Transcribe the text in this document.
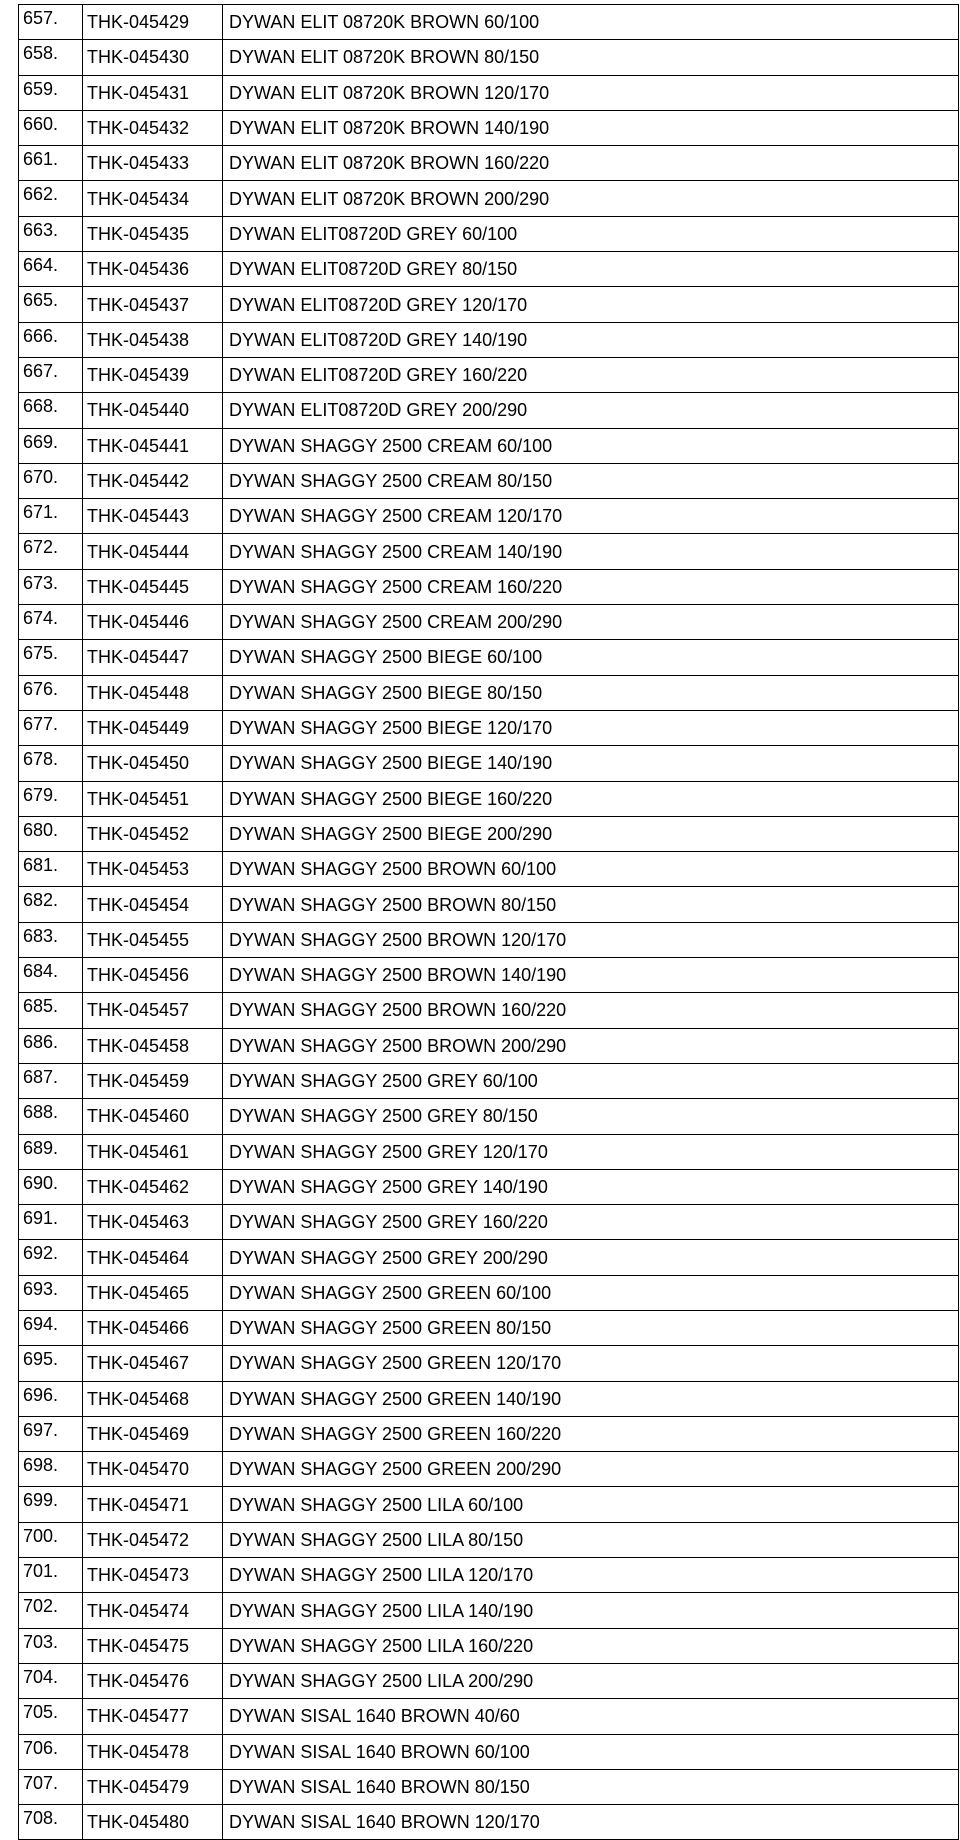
657.	THK-045429	DYWAN ELIT 08720K BROWN 60/100
658.	THK-045430	DYWAN ELIT 08720K BROWN 80/150
659.	THK-045431	DYWAN ELIT 08720K BROWN 120/170
660.	THK-045432	DYWAN ELIT 08720K BROWN 140/190
661.	THK-045433	DYWAN ELIT 08720K BROWN 160/220
662.	THK-045434	DYWAN ELIT 08720K BROWN 200/290
663.	THK-045435	DYWAN ELIT08720D GREY 60/100
664.	THK-045436	DYWAN ELIT08720D GREY 80/150
665.	THK-045437	DYWAN ELIT08720D GREY 120/170
666.	THK-045438	DYWAN ELIT08720D GREY 140/190
667.	THK-045439	DYWAN ELIT08720D GREY 160/220
668.	THK-045440	DYWAN ELIT08720D GREY 200/290
669.	THK-045441	DYWAN SHAGGY 2500 CREAM 60/100
670.	THK-045442	DYWAN SHAGGY 2500 CREAM 80/150
671.	THK-045443	DYWAN SHAGGY 2500 CREAM 120/170
672.	THK-045444	DYWAN SHAGGY 2500 CREAM 140/190
673.	THK-045445	DYWAN SHAGGY 2500 CREAM 160/220
674.	THK-045446	DYWAN SHAGGY 2500 CREAM 200/290
675.	THK-045447	DYWAN SHAGGY 2500 BIEGE 60/100
676.	THK-045448	DYWAN SHAGGY 2500 BIEGE 80/150
677.	THK-045449	DYWAN SHAGGY 2500 BIEGE 120/170
678.	THK-045450	DYWAN SHAGGY 2500 BIEGE 140/190
679.	THK-045451	DYWAN SHAGGY 2500 BIEGE 160/220
680.	THK-045452	DYWAN SHAGGY 2500 BIEGE 200/290
681.	THK-045453	DYWAN SHAGGY 2500 BROWN 60/100
682.	THK-045454	DYWAN SHAGGY 2500 BROWN 80/150
683.	THK-045455	DYWAN SHAGGY 2500 BROWN 120/170
684.	THK-045456	DYWAN SHAGGY 2500 BROWN 140/190
685.	THK-045457	DYWAN SHAGGY 2500 BROWN 160/220
686.	THK-045458	DYWAN SHAGGY 2500 BROWN 200/290
687.	THK-045459	DYWAN SHAGGY 2500 GREY 60/100
688.	THK-045460	DYWAN SHAGGY 2500 GREY 80/150
689.	THK-045461	DYWAN SHAGGY 2500 GREY 120/170
690.	THK-045462	DYWAN SHAGGY 2500 GREY 140/190
691.	THK-045463	DYWAN SHAGGY 2500 GREY 160/220
692.	THK-045464	DYWAN SHAGGY 2500 GREY 200/290
693.	THK-045465	DYWAN SHAGGY 2500 GREEN 60/100
694.	THK-045466	DYWAN SHAGGY 2500 GREEN 80/150
695.	THK-045467	DYWAN SHAGGY 2500 GREEN 120/170
696.	THK-045468	DYWAN SHAGGY 2500 GREEN 140/190
697.	THK-045469	DYWAN SHAGGY 2500 GREEN 160/220
698.	THK-045470	DYWAN SHAGGY 2500 GREEN 200/290
699.	THK-045471	DYWAN SHAGGY 2500 LILA 60/100
700.	THK-045472	DYWAN SHAGGY 2500 LILA 80/150
701.	THK-045473	DYWAN SHAGGY 2500 LILA 120/170
702.	THK-045474	DYWAN SHAGGY 2500 LILA 140/190
703.	THK-045475	DYWAN SHAGGY 2500 LILA 160/220
704.	THK-045476	DYWAN SHAGGY 2500 LILA 200/290
705.	THK-045477	DYWAN SISAL 1640 BROWN 40/60
706.	THK-045478	DYWAN SISAL 1640 BROWN 60/100
707.	THK-045479	DYWAN SISAL 1640 BROWN 80/150
708.	THK-045480	DYWAN SISAL 1640 BROWN 120/170
